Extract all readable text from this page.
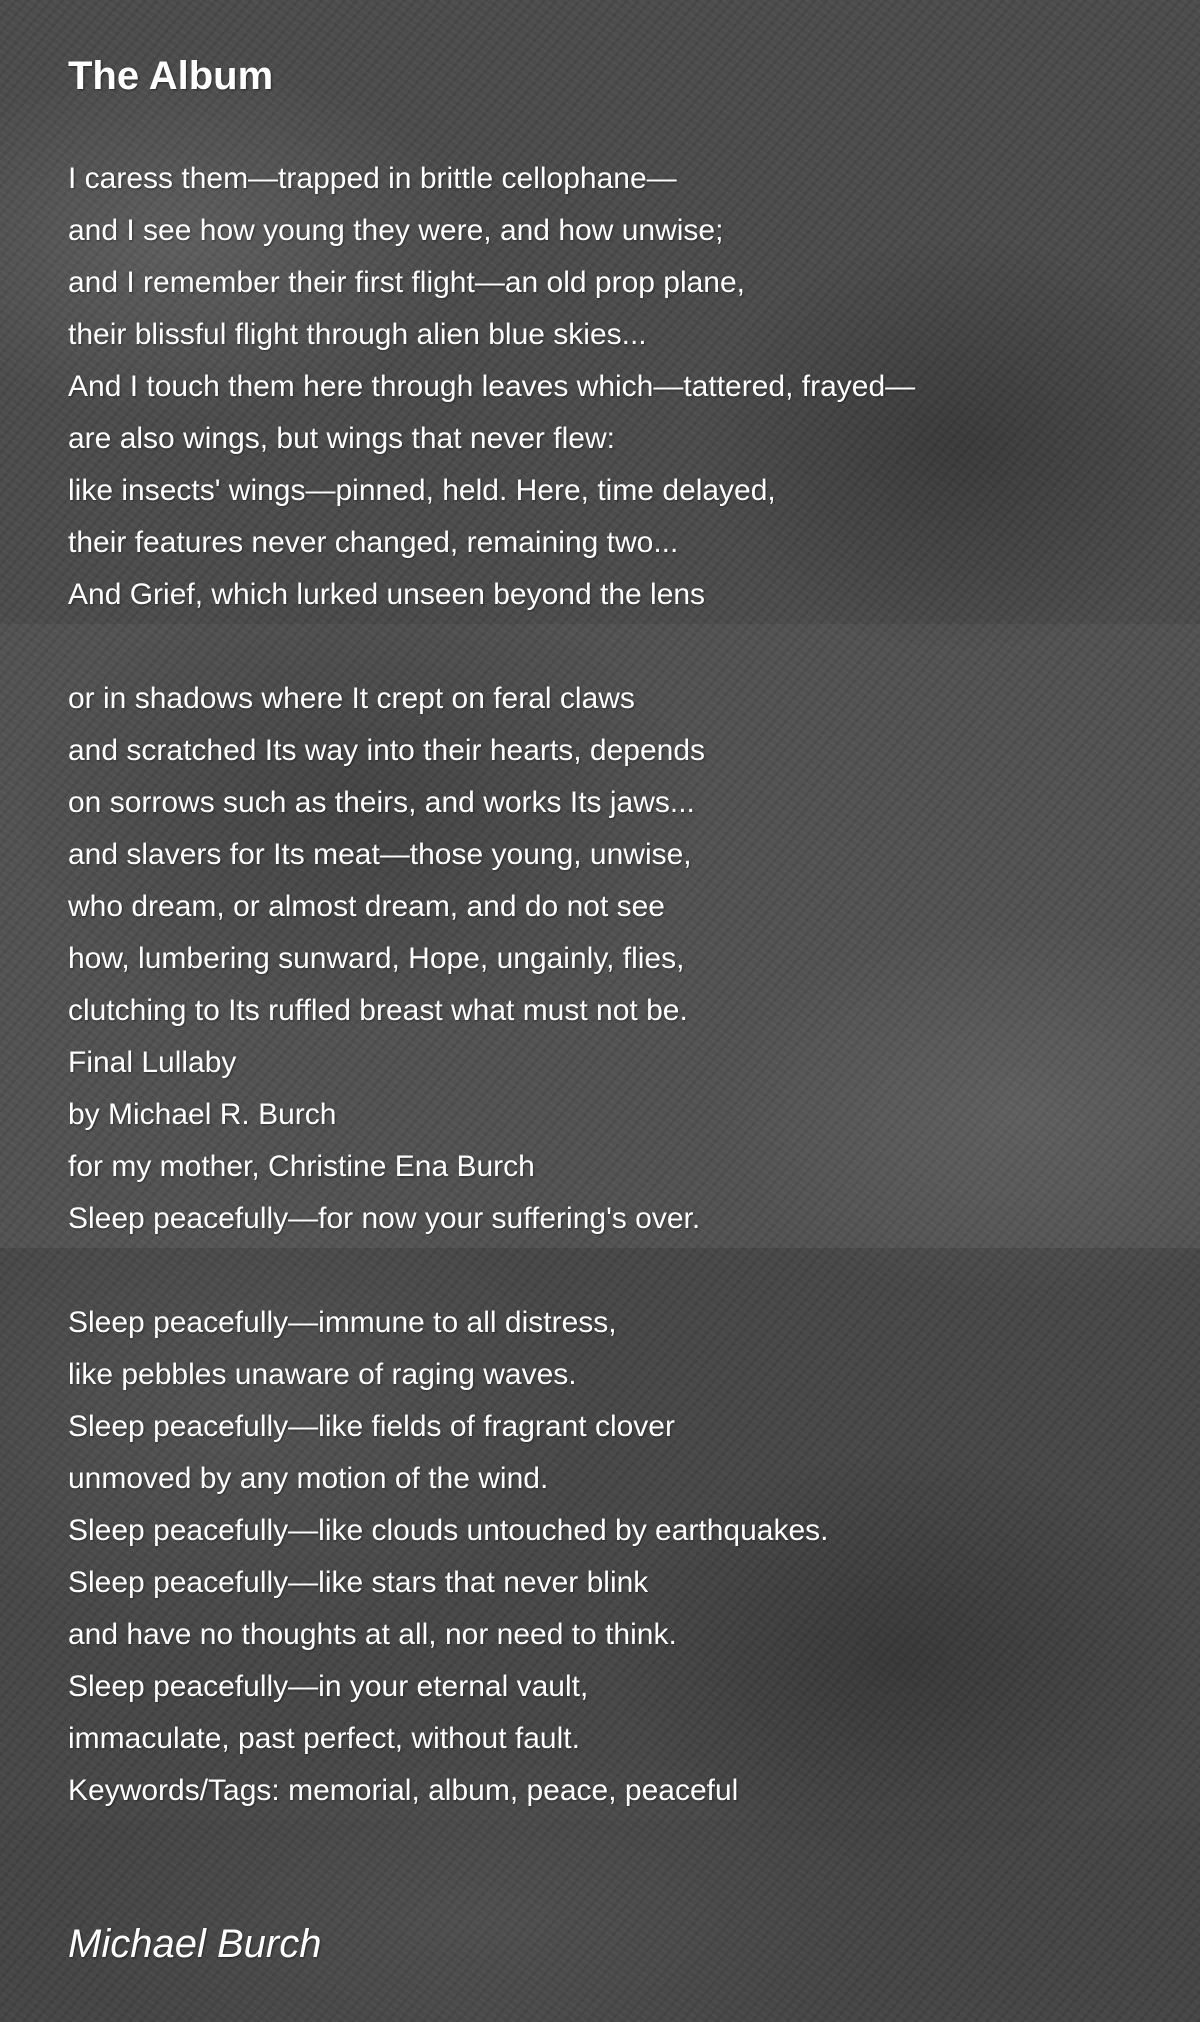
The Album
I caress them—trapped in brittle cellophane—
and I see how young they were, and how unwise;
and I remember their first flight—an old prop plane,
their blissful flight through alien blue skies...
And I touch them here through leaves which—tattered, frayed—
are also wings, but wings that never flew:
like insects' wings—pinned, held. Here, time delayed,
their features never changed, remaining two...
And Grief, which lurked unseen beyond the lens
or in shadows where It crept on feral claws
and scratched Its way into their hearts, depends
on sorrows such as theirs, and works Its jaws...
and slavers for Its meat—those young, unwise,
who dream, or almost dream, and do not see
how, lumbering sunward, Hope, ungainly, flies,
clutching to Its ruffled breast what must not be.
Final Lullaby
by Michael R. Burch
for my mother, Christine Ena Burch
Sleep peacefully—for now your suffering's over.
Sleep peacefully—immune to all distress,
like pebbles unaware of raging waves.
Sleep peacefully—like fields of fragrant clover
unmoved by any motion of the wind.
Sleep peacefully—like clouds untouched by earthquakes.
Sleep peacefully—like stars that never blink
and have no thoughts at all, nor need to think.
Sleep peacefully—in your eternal vault,
immaculate, past perfect, without fault.
Keywords/Tags: memorial, album, peace, peaceful

Michael Burch
